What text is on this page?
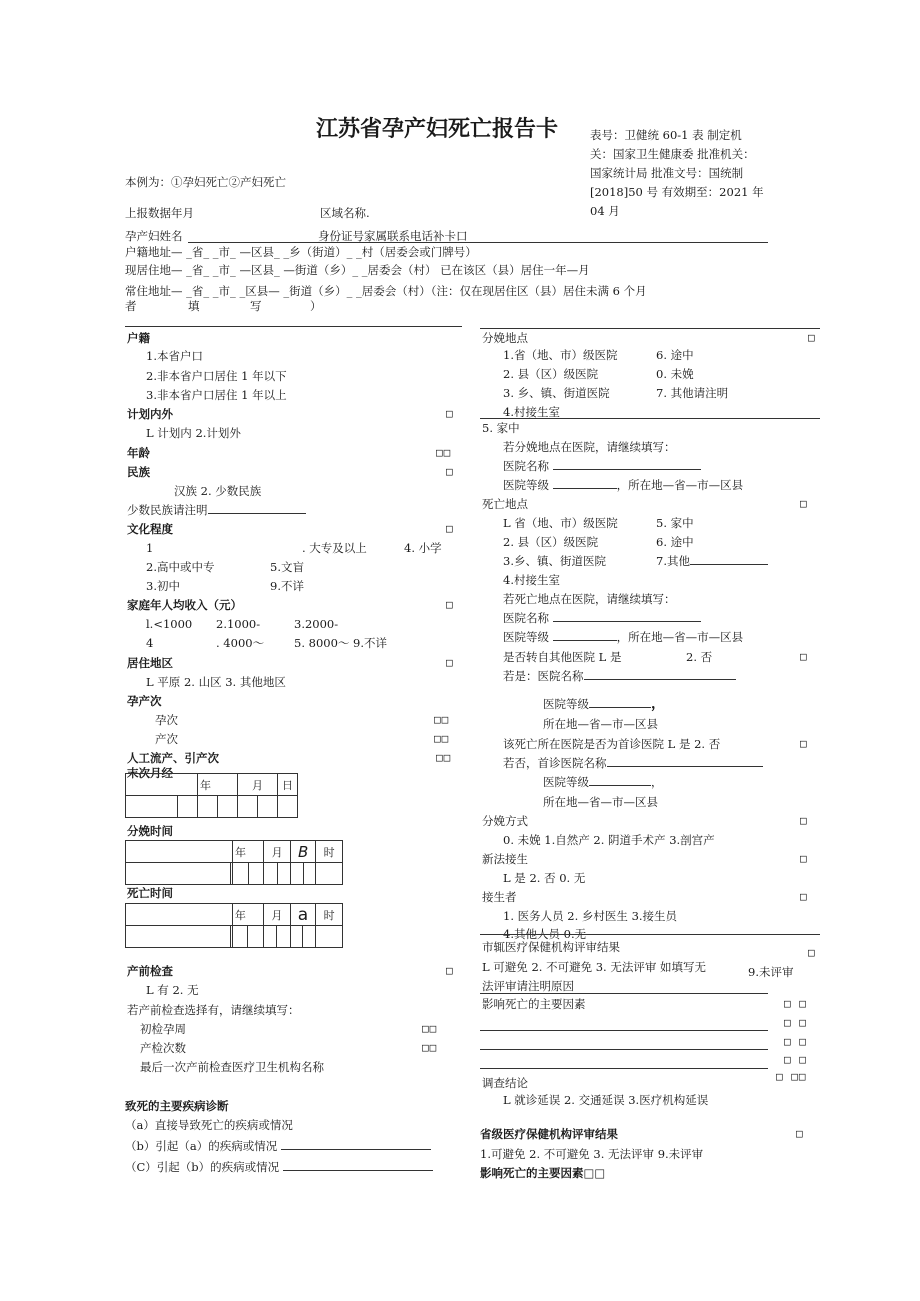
江苏省孕产妇死亡报告卡	表号：卫健统 60-1 表 制定机
关：国家卫生健康委 批准机关：
国家统计局 批准文号：国统制
[2018]50 号 有效期至：2021 年
04 月
本例为：①孕妇死亡②产妇死亡
上报数据年月	区域名称.
孕产妇姓名	身份证号家属联系电话补卡口
户籍地址— _省_ _市_ —区县_ _乡（街道）_ _村（居委会或门牌号）
现居住地— _省_ _市_ —区县_ —街道（乡）_ _居委会（村） 已在该区（县）居住一年—月
常住地址— _省_ _市_ _区县— _街道（乡）_ _居委会（村）（注：仅在现居住区（县）居住未满 6 个月
者	填	写	）
户籍
1.本省户口
2.非本省户口居住 1 年以下
3.非本省户口居住 1 年以上
计划内外	□
L 计划内 2.计划外
年龄	□□
民族	□
汉族 2. 少数民族
少数民族请注明
文化程度	□
1	. 大专及以上	4. 小学
2.高中或中专	5.文盲
3.初中	9.不详
家庭年人均收入（元）	□
l.<1000 2.1000-	3.2000-
4	. 4000～	5. 8000～ 9.不详
居住地区	□
L 平原 2. 山区 3. 其他地区
孕产次
孕次	□□
产次	□□
人工流产、引产次	□□
末次月经
		年		月		日

分娩时间
		年		月		B		时

死亡时间
		年		月		a		时

产前检查	□
L 有 2. 无
若产前检查选择有，请继续填写：
初检孕周	□□
产检次数	□□
最后一次产前检查医疗卫生机构名称
致死的主要疾病诊断
（a）直接导致死亡的疾病或情况
（b）引起（a）的疾病或情况
（C）引起（b）的疾病或情况
分娩地点	□
1.省（地、市）级医院	6. 途中
2. 县（区）级医院	0. 未娩
3. 乡、镇、街道医院	7. 其他请注明
4.村接生室
5. 家中
若分娩地点在医院，请继续填写：
医院名称
医院等级	，所在地—省—市—区县
死亡地点	□
L 省（地、市）级医院	5. 家中
2. 县（区）级医院	6. 途中
3.乡、镇、街道医院	7.其他
4.村接生室
若死亡地点在医院，请继续填写：
医院名称
医院等级	，所在地—省—市—区县
是否转自其他医院 L 是	2. 否	□
若是：医院名称
医院等级	，
所在地—省—市—区县
该死亡所在医院是否为首诊医院 L 是 2. 否	□
若否，首诊医院名称
医院等级	，
所在地—省—市—区县
分娩方式	□
0. 未娩 1.自然产 2. 阴道手术产 3.剖宫产
新法接生	□
L 是 2. 否 0. 无
接生者	□
1. 医务人员 2. 乡村医生 3.接生员
4.其他人员 0.无
市辄医疗保健机构评审结果	□
L 可避免 2. 不可避免 3. 无法评审 如填写无	9.未评审
法评审请注明原因
影响死亡的主要因素	□ □
□ □
□ □
□ □
□ □□
调查结论
L 就诊延误 2. 交通延误 3.医疗机构延误
省级医疗保健机构评审结果	□
1.可避免 2. 不可避免 3. 无法评审 9.未评审
影响死亡的主要因素□□
